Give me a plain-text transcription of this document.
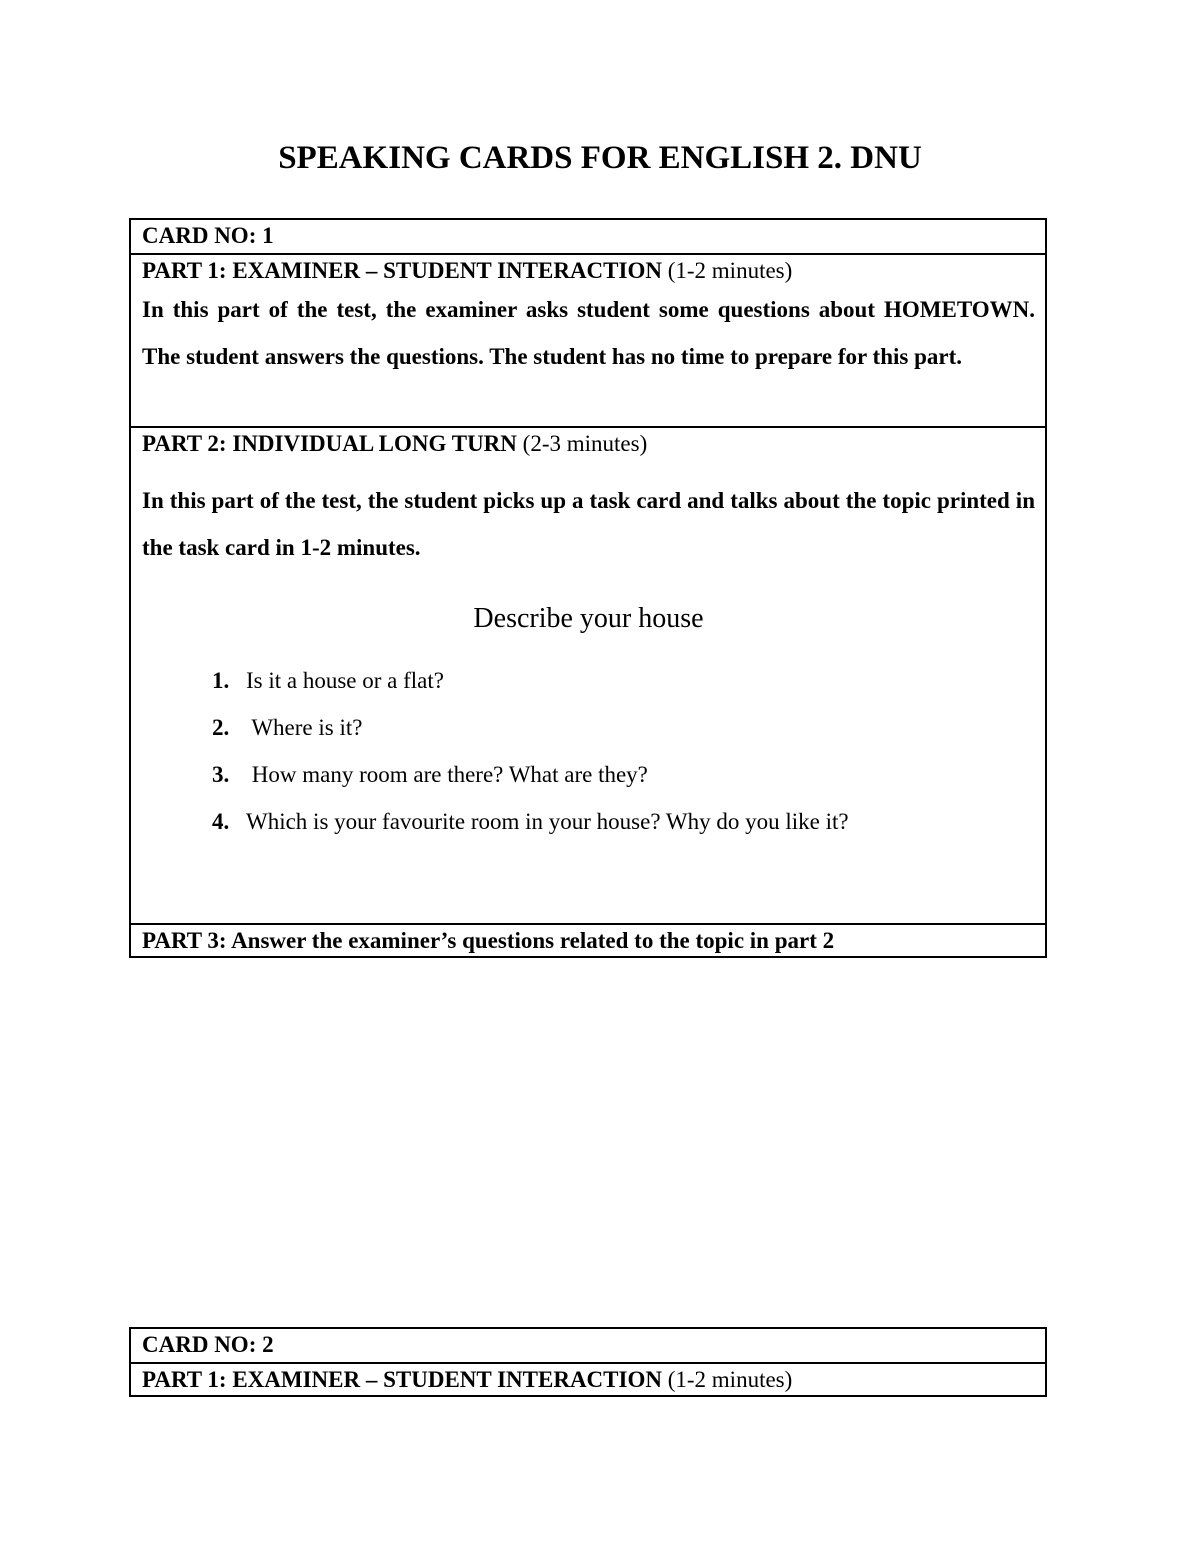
SPEAKING CARDS FOR ENGLISH 2. DNU
CARD NO: 1
PART 1: EXAMINER – STUDENT INTERACTION (1-2 minutes)
In this part of the test, the examiner asks student some questions about HOMETOWN. The student answers the questions. The student has no time to prepare for this part.
PART 2: INDIVIDUAL LONG TURN (2-3 minutes)
In this part of the test, the student picks up a task card and talks about the topic printed in the task card in 1-2 minutes.
Describe your house
1. Is it a house or a flat?
2. Where is it?
3. How many room are there? What are they?
4. Which is your favourite room in your house? Why do you like it?
PART 3: Answer the examiner’s questions related to the topic in part 2
CARD NO: 2
PART 1: EXAMINER – STUDENT INTERACTION (1-2 minutes)
